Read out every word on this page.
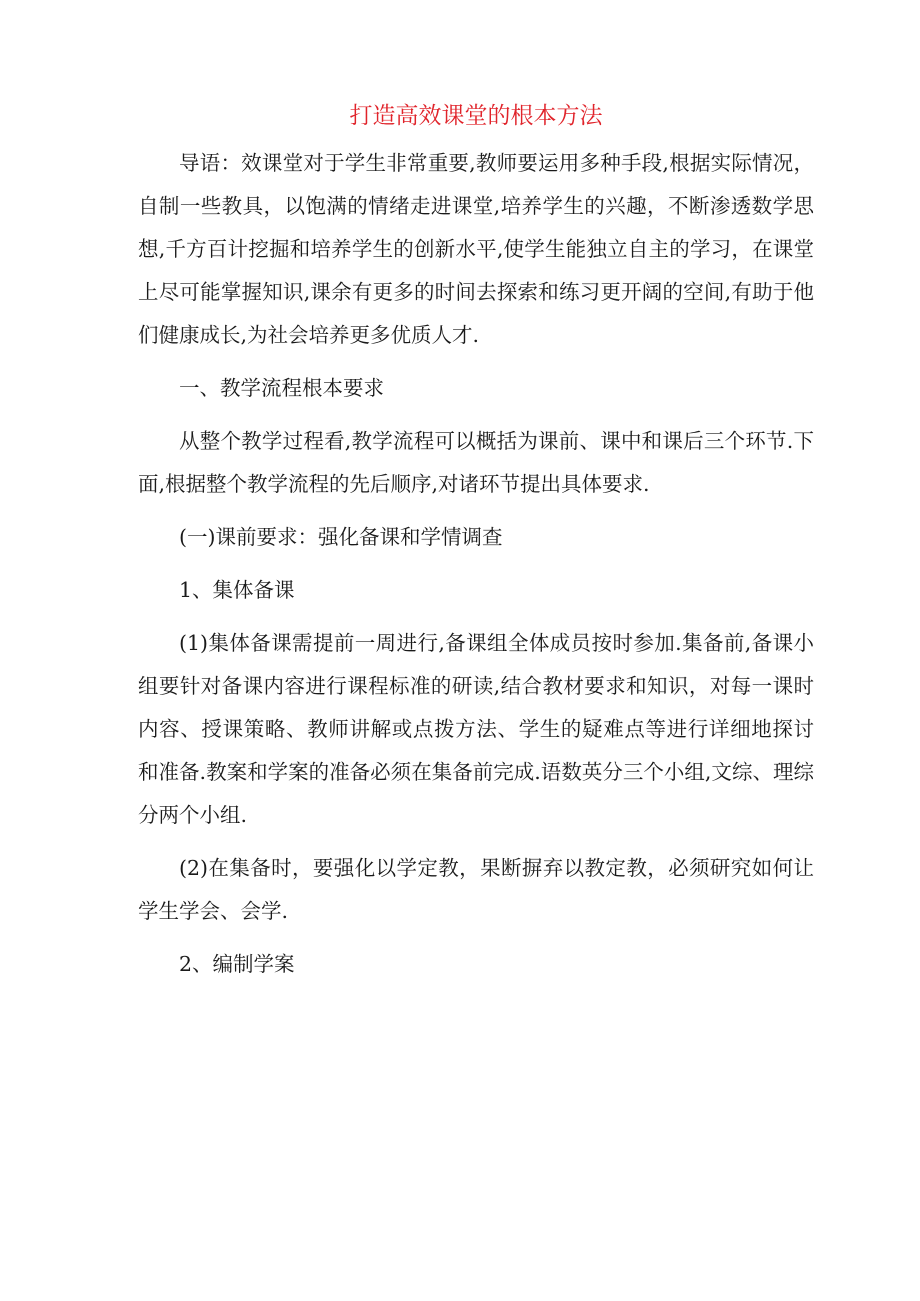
打造高效课堂的根本方法

导语：效课堂对于学生非常重要,教师要运用多种手段,根据实际情况，自制一些教具，以饱满的情绪走进课堂,培养学生的兴趣，不断渗透数学思想,千方百计挖掘和培养学生的创新水平,使学生能独立自主的学习，在课堂上尽可能掌握知识,课余有更多的时间去探索和练习更开阔的空间,有助于他们健康成长,为社会培养更多优质人才.

一、教学流程根本要求

从整个教学过程看,教学流程可以概括为课前、课中和课后三个环节.下面,根据整个教学流程的先后顺序,对诸环节提出具体要求.

(一)课前要求：强化备课和学情调查

1、集体备课

(1)集体备课需提前一周进行,备课组全体成员按时参加.集备前,备课小组要针对备课内容进行课程标准的研读,结合教材要求和知识，对每一课时内容、授课策略、教师讲解或点拨方法、学生的疑难点等进行详细地探讨和准备.教案和学案的准备必须在集备前完成.语数英分三个小组,文综、理综分两个小组.

(2)在集备时，要强化以学定教，果断摒弃以教定教，必须研究如何让学生学会、会学.

2、编制学案
